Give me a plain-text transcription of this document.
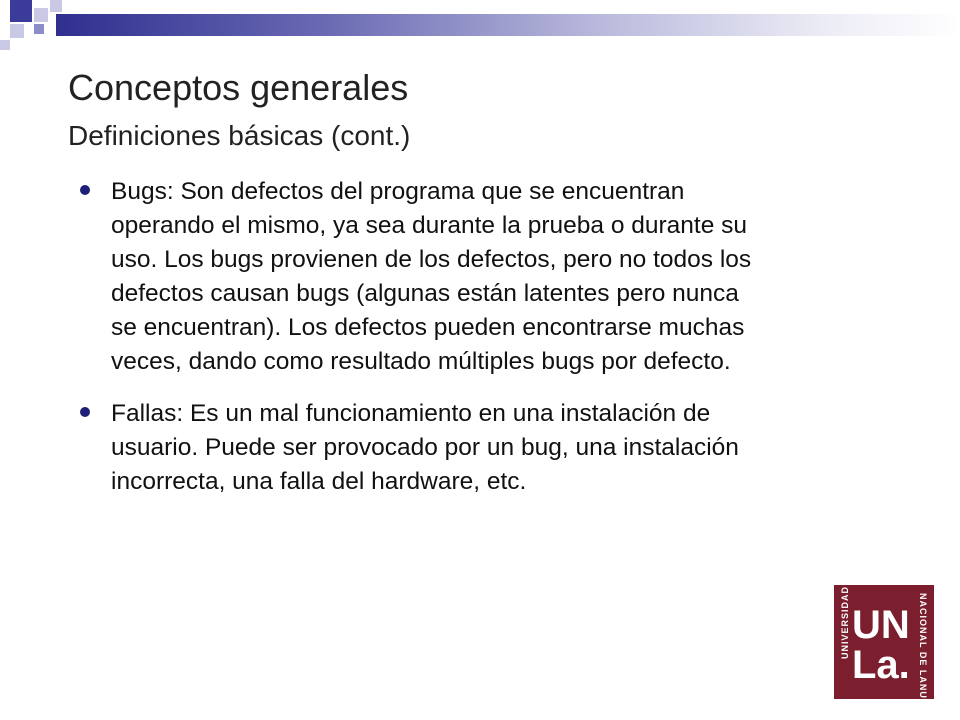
Conceptos generales
Definiciones básicas (cont.)
Bugs: Son defectos del programa que se encuentran
operando el mismo, ya sea durante la prueba o durante su
uso. Los bugs provienen de los defectos, pero no todos los
defectos causan bugs (algunas están latentes pero nunca
se encuentran). Los defectos pueden encontrarse muchas
veces, dando como resultado múltiples bugs por defecto.
Fallas: Es un mal funcionamiento en una instalación de
usuario. Puede ser provocado por un bug, una instalación
incorrecta, una falla del hardware, etc.
UNIVERSIDAD	NACIONAL DE LANUS
UN
La.
